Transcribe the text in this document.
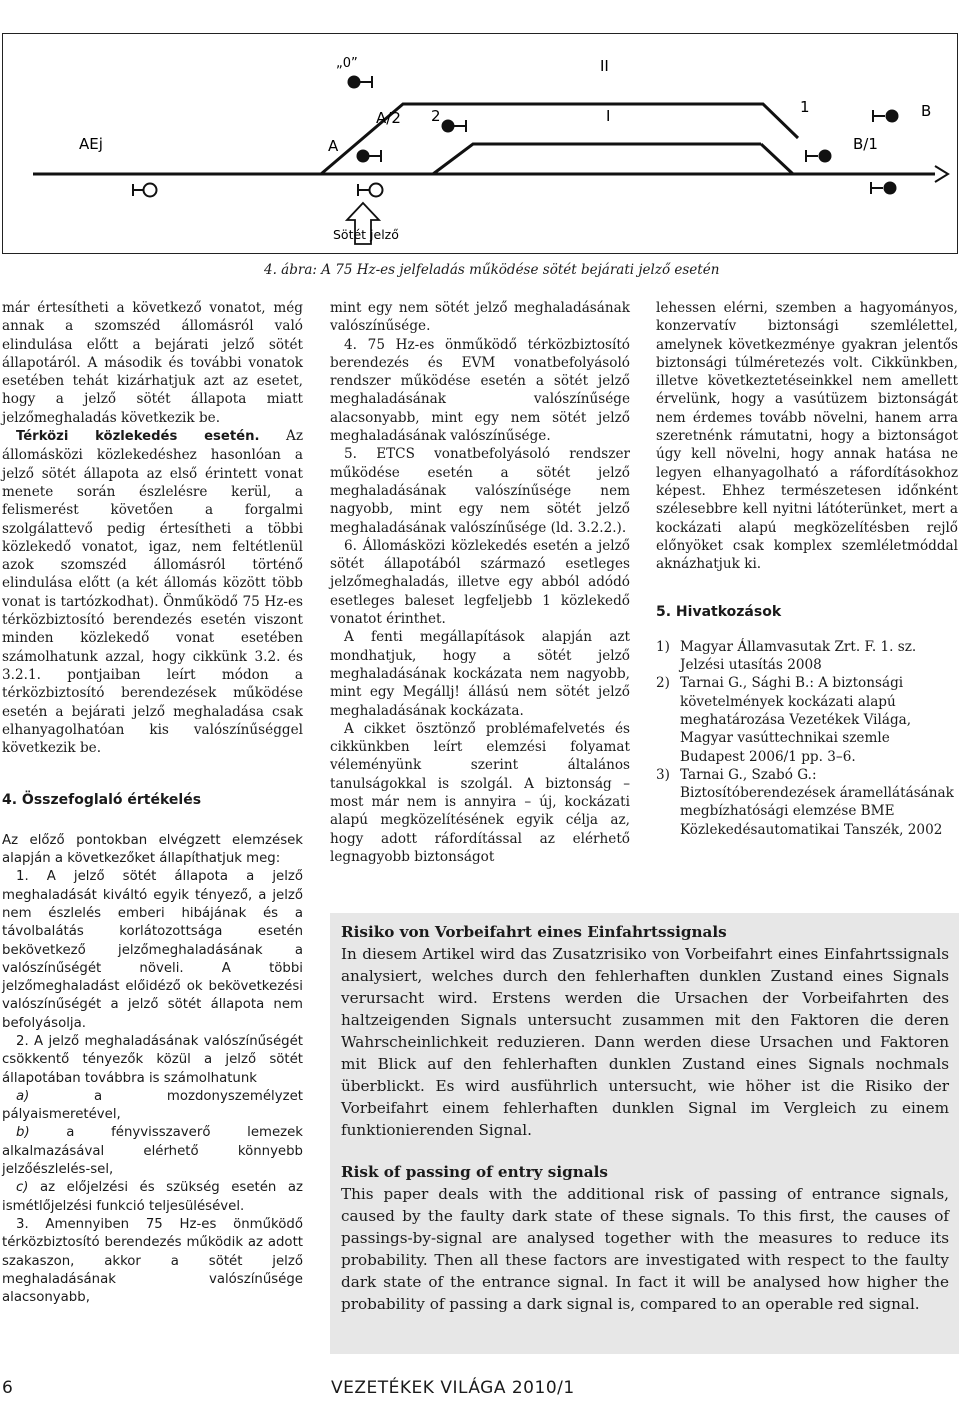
„0”	II
I
A/2 2	1	B
B/1
AEj	A
Sötét jelző
4. ábra: A 75 Hz-es jelfeladás működése sötét bejárati jelző esetén

már értesítheti a következő vonatot, még annak a szomszéd állomásról való elindulása előtt a bejárati jelző sötét állapotáról. A második és további vonatok esetében tehát kizárhatjuk azt az esetet, hogy a jelző sötét állapota miatt jelzőmeghaladás következik be.

Térközi közlekedés esetén. Az állomásközi közlekedéshez hasonlóan a jelző sötét állapota az első érintett vonat menete során észlelésre kerül, a felismerést követően a forgalmi szolgálattevő pedig értesítheti a többi közlekedő vonatot, igaz, nem feltétlenül azok szomszéd állomásról történő elindulása előtt (a két állomás között több vonat is tartózkodhat). Önműködő 75 Hz-es térközbiztosító berendezés esetén viszont minden közlekedő vonat esetében számolhatunk azzal, hogy cikkünk 3.2. és 3.2.1. pontjaiban leírt módon a térközbiztosító berendezések működése esetén a bejárati jelző meghaladása csak elhanyagolhatóan kis valószínűséggel következik be.

4. Összefoglaló értékelés

Az előző pontokban elvégzett elemzések alapján a következőket állapíthatjuk meg:

1. A jelző sötét állapota a jelző meghaladását kiváltó egyik tényező, a jelző nem észlelés emberi hibájának és a távolbalátás korlátozottsága esetén bekövetkező jelzőmeghaladásának a valószínűségét növeli. A többi jelzőmeghaladást előidéző ok bekövetkezési valószínűségét a jelző sötét állapota nem befolyásolja.

2. A jelző meghaladásának valószínűségét csökkentő tényezők közül a jelző sötét állapotában továbbra is számolhatunk

a) a mozdonyszemélyzet pályaismeretével,

b) a fényvisszaverő lemezek alkalmazásával elérhető könnyebb jelzőészlelés-sel,

c) az előjelzési és szükség esetén az ismétlőjelzési funkció teljesülésével.

3. Amennyiben 75 Hz-es önműködő térközbiztosító berendezés működik az adott szakaszon, akkor a sötét jelző meghaladásának valószínűsége alacsonyabb,

mint egy nem sötét jelző meghaladásának valószínűsége.

4. 75 Hz-es önműködő térközbiztosító berendezés és EVM vonatbefolyásoló rendszer működése esetén a sötét jelző meghaladásának valószínűsége alacsonyabb, mint egy nem sötét jelző meghaladásának valószínűsége.

5. ETCS vonatbefolyásoló rendszer működése esetén a sötét jelző meghaladásának valószínűsége nem nagyobb, mint egy nem sötét jelző meghaladásának valószínűsége (ld. 3.2.2.).

6. Állomásközi közlekedés esetén a jelző sötét állapotából származó esetleges jelzőmeghaladás, illetve egy abból adódó esetleges baleset legfeljebb 1 közlekedő vonatot érinthet.

A fenti megállapítások alapján azt mondhatjuk, hogy a sötét jelző meghaladásának kockázata nem nagyobb, mint egy Megállj! állású nem sötét jelző meghaladásának kockázata.

A cikket ösztönző problémafelvetés és cikkünkben leírt elemzési folyamat véleményünk szerint általános tanulságokkal is szolgál. A biztonság – most már nem is annyira – új, kockázati alapú megközelítésének egyik célja az, hogy adott ráfordítással az elérhető legnagyobb biztonságot

lehessen elérni, szemben a hagyományos, konzervatív biztonsági szemlélettel, amelynek következménye gyakran jelentős biztonsági túlméretezés volt. Cikkünkben, illetve következtetéseinkkel nem amellett érvelünk, hogy a vasútüzem biztonságát nem érdemes tovább növelni, hanem arra szeretnénk rámutatni, hogy a biztonságot úgy kell növelni, hogy annak hatása ne legyen elhanyagolható a ráfordításokhoz képest. Ehhez természetesen időnként szélesebbre kell nyitni látóterünket, mert a kockázati alapú megközelítésben rejlő előnyöket csak komplex szemléletmóddal aknázhatjuk ki.

5. Hivatkozások
1) Magyar Államvasutak Zrt. F. 1. sz. Jelzési utasítás 2008
2) Tarnai G., Sághi B.: A biztonsági követelmények kockázati alapú meghatározása Vezetékek Világa, Magyar vasúttechnikai szemle Budapest 2006/1 pp. 3–6.
3) Tarnai G., Szabó G.: Biztosítóberendezések áramellátásának megbízhatósági elemzése BME Közlekedésautomatikai Tanszék, 2002
Risiko von Vorbeifahrt eines Einfahrtssignals

In diesem Artikel wird das Zusatzrisiko von Vorbeifahrt eines Einfahrtssignals analysiert, welches durch den fehlerhaften dunklen Zustand eines Signals verursacht wird. Erstens werden die Ursachen der Vorbeifahrten des haltzeigenden Signals untersucht zusammen mit den Faktoren die deren Wahrscheinlichkeit reduzieren. Dann werden diese Ursachen und Faktoren mit Blick auf den fehlerhaften dunklen Zustand eines Signals nochmals überblickt. Es wird ausführlich untersucht, wie höher ist die Risiko der Vorbeifahrt einem fehlerhaften dunklen Signal im Vergleich zu einem funktionierenden Signal.

Risk of passing of entry signals

This paper deals with the additional risk of passing of entrance signals, caused by the faulty dark state of these signals. To this first, the causes of passings-by-signal are analysed together with the measures to reduce its probability. Then all these factors are investigated with respect to the faulty dark state of the entrance signal. In fact it will be analysed how higher the probability of passing a dark signal is, compared to an operable red signal.

6	VEZETÉKEK VILÁGA 2010/1
